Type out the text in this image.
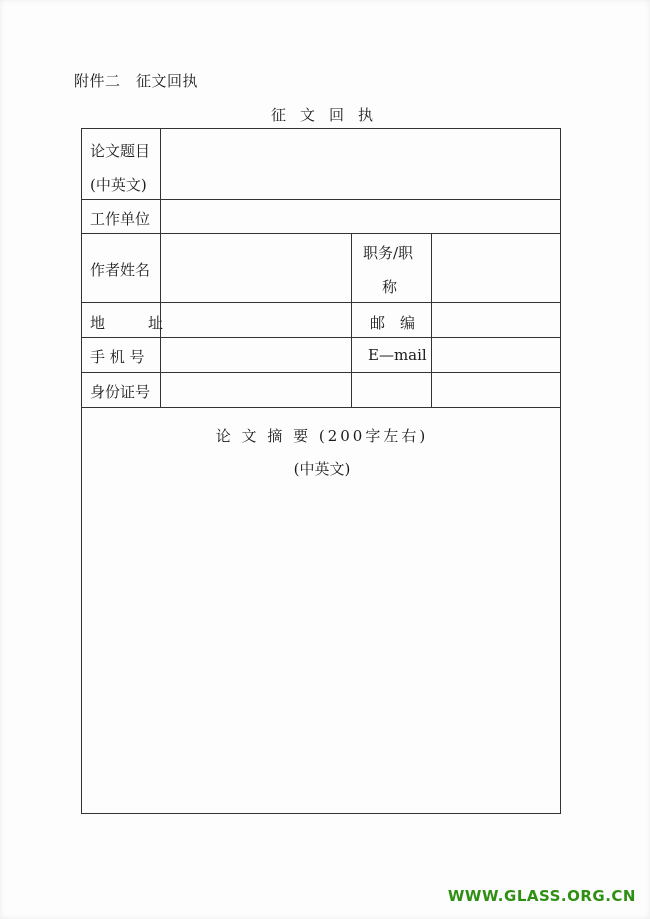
附件二　征文回执
征文回执
论文题目
(中英文)
工作单位
作者姓名
职务/职
称
地　址	邮　编
手 机 号	E—mail
身份证号
论 文 摘 要 (200字左右)
(中英文)
WWW.GLASS.ORG.CN
